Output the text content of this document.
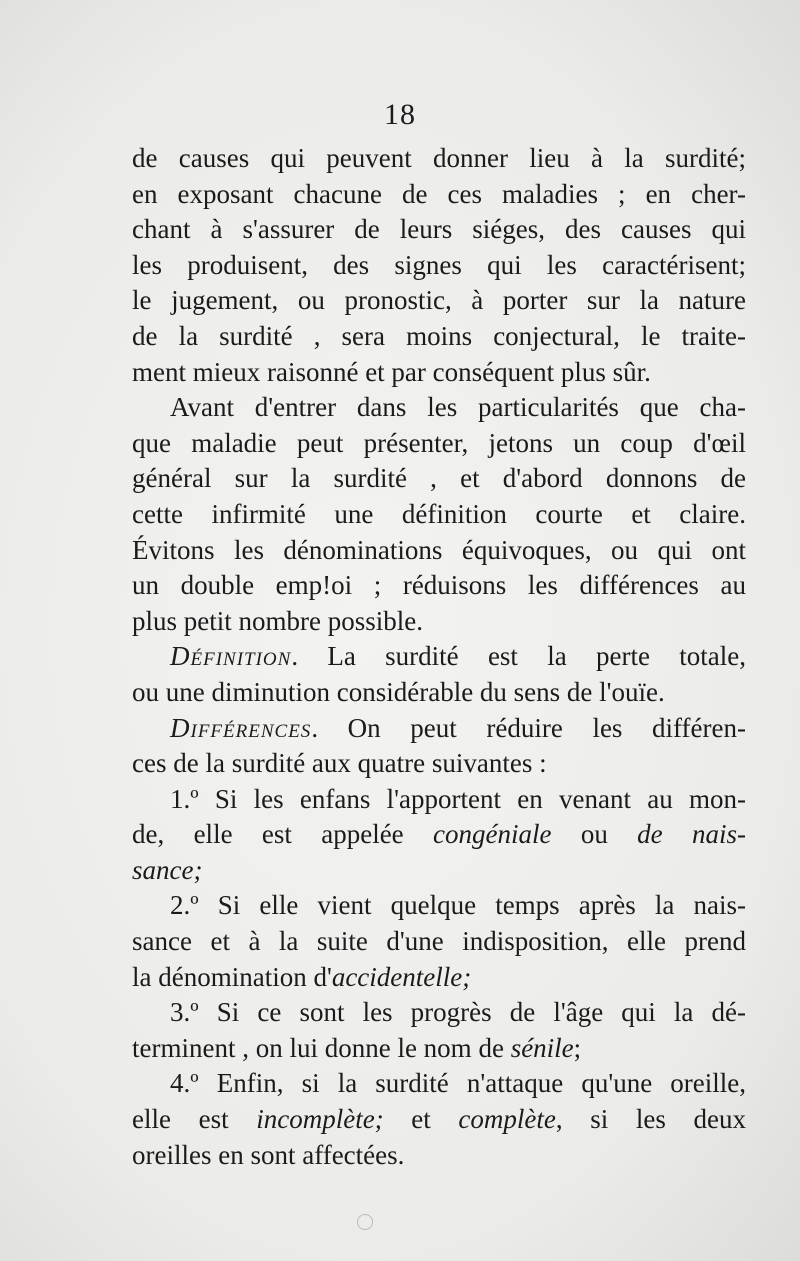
18
de causes qui peuvent donner lieu à la surdité;
en exposant chacune de ces maladies ; en cher-
chant à s'assurer de leurs siéges, des causes qui
les produisent, des signes qui les caractérisent;
le jugement, ou pronostic, à porter sur la nature
de la surdité , sera moins conjectural, le traite-
ment mieux raisonné et par conséquent plus sûr.
Avant d'entrer dans les particularités que cha-
que maladie peut présenter, jetons un coup d'œil
général sur la surdité , et d'abord donnons de
cette infirmité une définition courte et claire.
Évitons les dénominations équivoques, ou qui ont
un double emp!oi ; réduisons les différences au
plus petit nombre possible.
Définition. La surdité est la perte totale,
ou une diminution considérable du sens de l'ouïe.
Différences. On peut réduire les différen-
ces de la surdité aux quatre suivantes :
1.º Si les enfans l'apportent en venant au mon-
de, elle est appelée congéniale ou de nais-
sance;
2.º Si elle vient quelque temps après la nais-
sance et à la suite d'une indisposition, elle prend
la dénomination d'accidentelle;
3.º Si ce sont les progrès de l'âge qui la dé-
terminent , on lui donne le nom de sénile;
4.º Enfin, si la surdité n'attaque qu'une oreille,
elle est incomplète; et complète, si les deux
oreilles en sont affectées.
